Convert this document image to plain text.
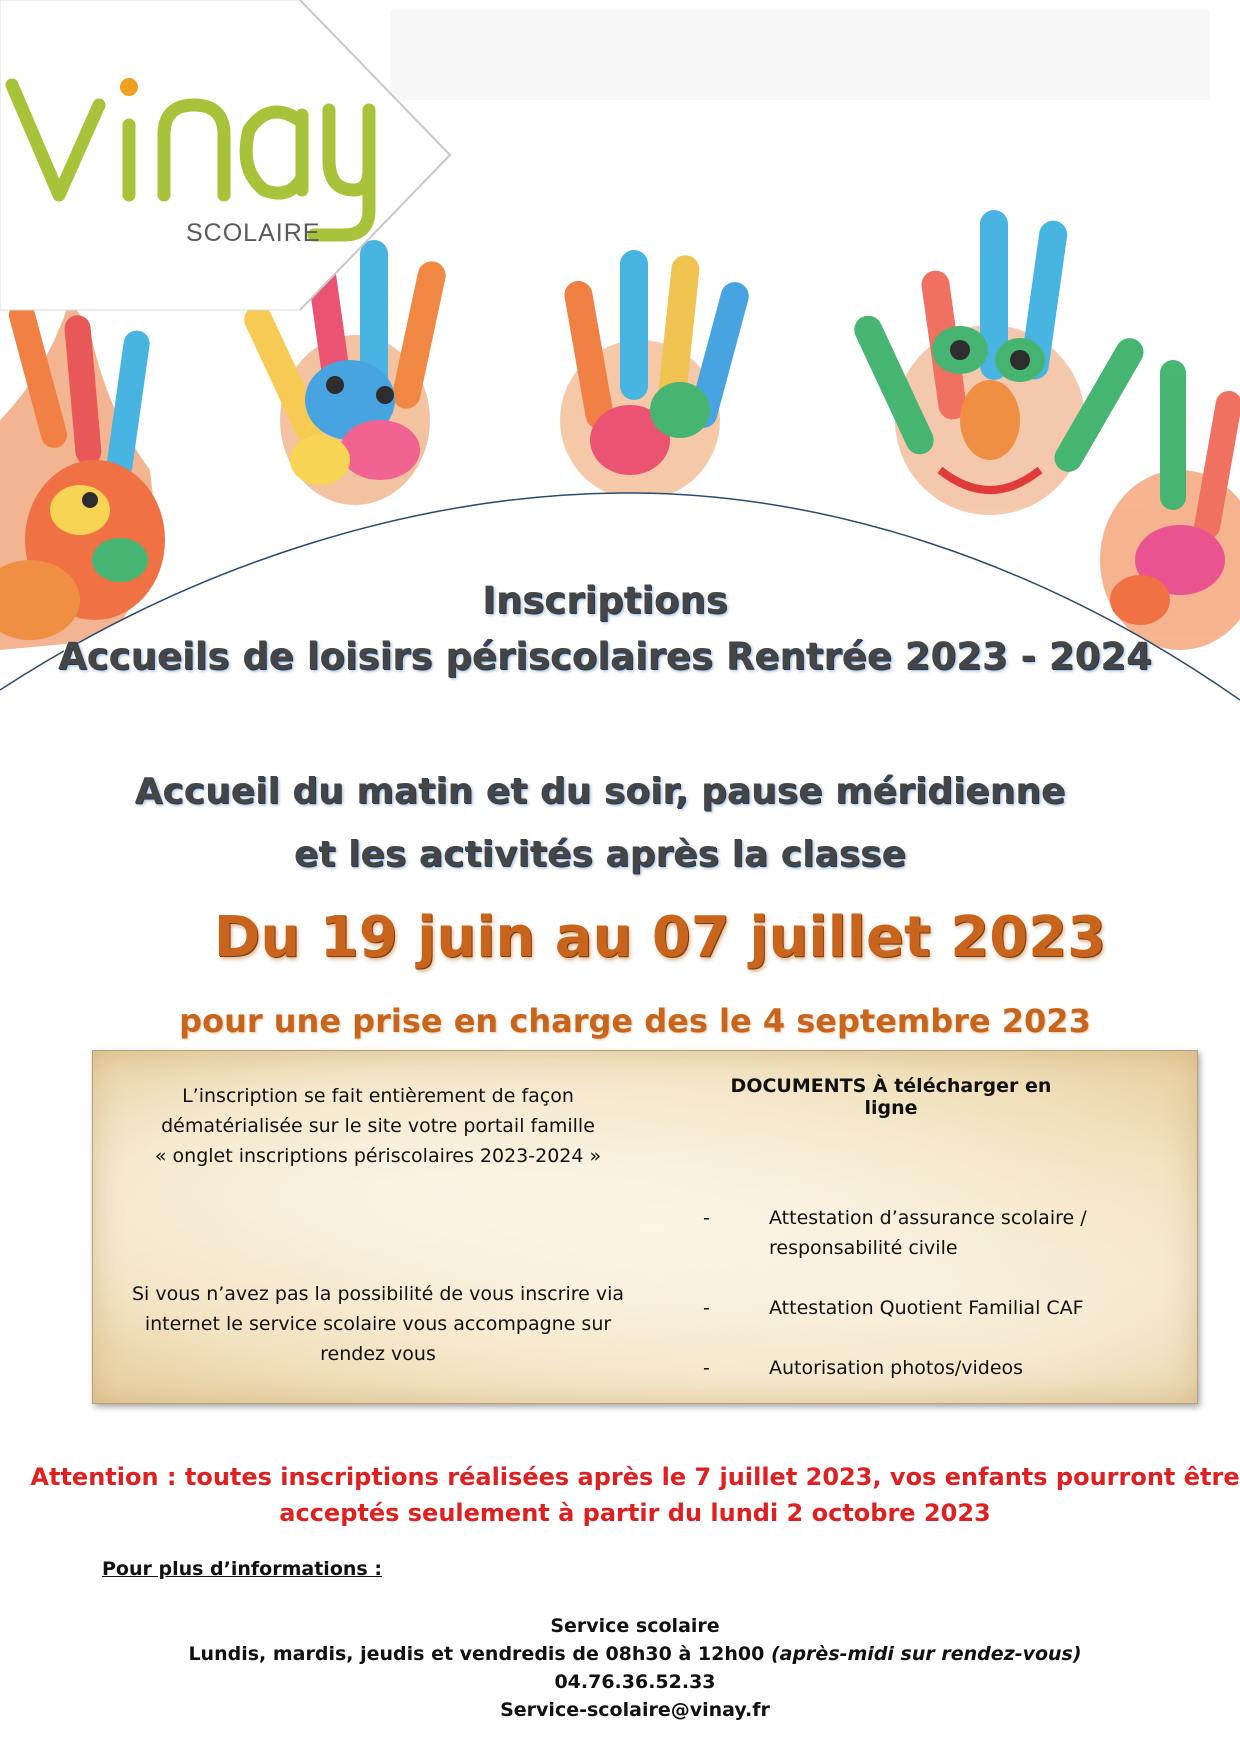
SCOLAIRE
Inscriptions
Accueils de loisirs périscolaires Rentrée 2023 - 2024
Accueil du matin et du soir, pause méridienne
et les activités après la classe
Du 19 juin au 07 juillet 2023
pour une prise en charge des le 4 septembre 2023

L’inscription se fait entièrement de façon

dématérialisée sur le site votre portail famille

« onglet inscriptions périscolaires 2023-2024 »

Si vous n’avez pas la possibilité de vous inscrire via

internet le service scolaire vous accompagne sur

rendez vous

DOCUMENTS À télécharger en ligne
-	Attestation d’assurance scolaire /
responsabilité civile
-	Attestation Quotient Familial CAF
-	Autorisation photos/videos
Attention : toutes inscriptions réalisées après le 7 juillet 2023, vos enfants pourront être
acceptés seulement à partir du lundi 2 octobre 2023
Pour plus d’informations :
Service scolaire
Lundis, mardis, jeudis et vendredis de 08h30 à 12h00 (après-midi sur rendez-vous)
04.76.36.52.33
Service-scolaire@vinay.fr
